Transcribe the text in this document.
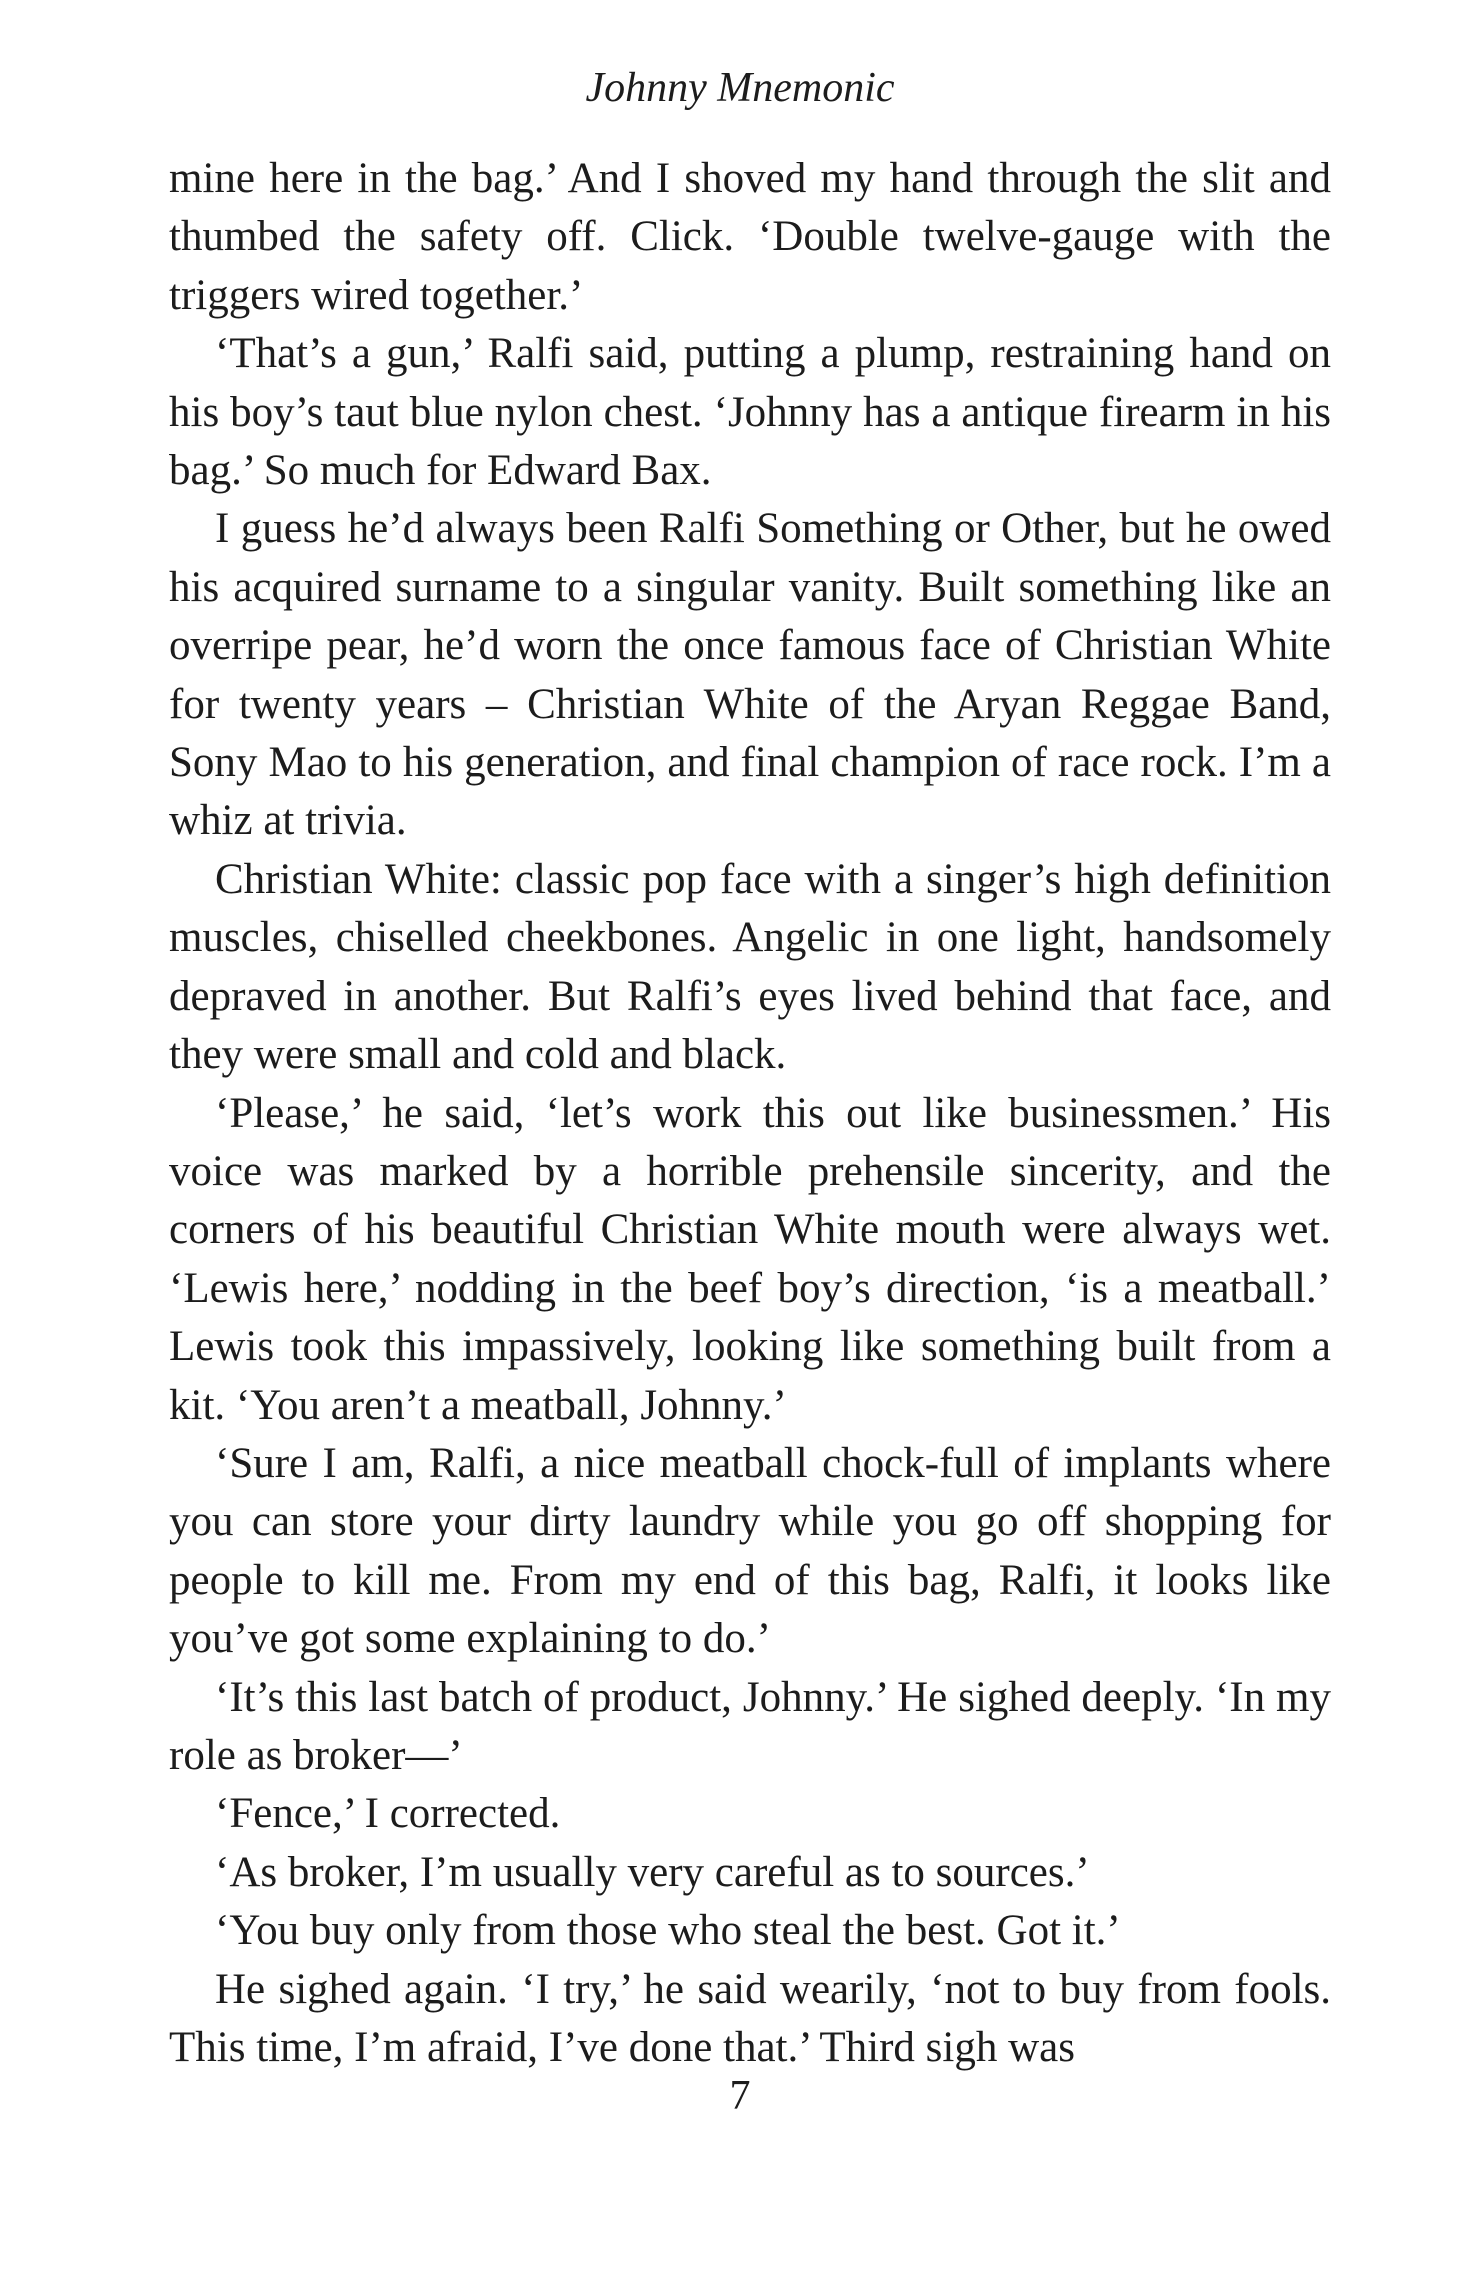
Johnny Mnemonic

mine here in the bag.’ And I shoved my hand through the slit and thumbed the safety off. Click. ‘Double twelve-gauge with the triggers wired together.’

‘That’s a gun,’ Ralfi said, putting a plump, restraining hand on his boy’s taut blue nylon chest. ‘Johnny has a antique firearm in his bag.’ So much for Edward Bax.

I guess he’d always been Ralfi Something or Other, but he owed his acquired surname to a singular vanity. Built something like an overripe pear, he’d worn the once famous face of Christian White for twenty years – Christian White of the Aryan Reggae Band, Sony Mao to his generation, and final champion of race rock. I’m a whiz at trivia.

Christian White: classic pop face with a singer’s high definition muscles, chiselled cheekbones. Angelic in one light, handsomely depraved in another. But Ralfi’s eyes lived behind that face, and they were small and cold and black.

‘Please,’ he said, ‘let’s work this out like businessmen.’ His voice was marked by a horrible prehensile sincerity, and the corners of his beautiful Christian White mouth were always wet. ‘Lewis here,’ nodding in the beef boy’s direction, ‘is a meatball.’ Lewis took this impassively, looking like something built from a kit. ‘You aren’t a meatball, Johnny.’

‘Sure I am, Ralfi, a nice meatball chock-full of implants where you can store your dirty laundry while you go off shopping for people to kill me. From my end of this bag, Ralfi, it looks like you’ve got some explaining to do.’

‘It’s this last batch of product, Johnny.’ He sighed deeply. ‘In my role as broker—’

‘Fence,’ I corrected.

‘As broker, I’m usually very careful as to sources.’

‘You buy only from those who steal the best. Got it.’

He sighed again. ‘I try,’ he said wearily, ‘not to buy from fools. This time, I’m afraid, I’ve done that.’ Third sigh was

7
